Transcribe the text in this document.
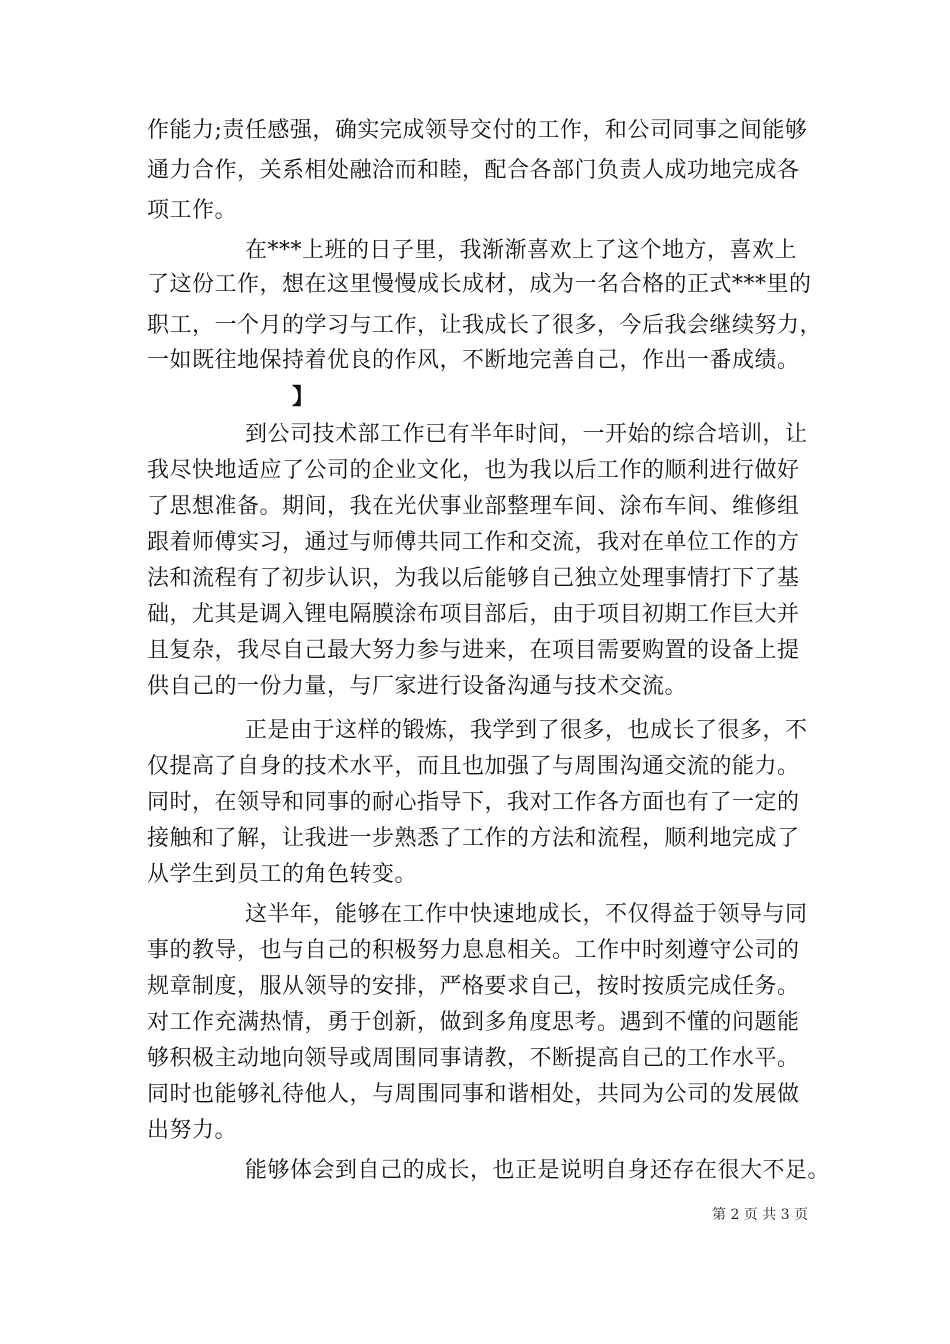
作能力;责任感强，确实完成领导交付的工作，和公司同事之间能够
通力合作，关系相处融洽而和睦，配合各部门负责人成功地完成各
项工作。
在***上班的日子里，我渐渐喜欢上了这个地方，喜欢上
了这份工作，想在这里慢慢成长成材，成为一名合格的正式***里的
职工，一个月的学习与工作，让我成长了很多，今后我会继续努力，
一如既往地保持着优良的作风，不断地完善自己，作出一番成绩。
】
到公司技术部工作已有半年时间，一开始的综合培训，让
我尽快地适应了公司的企业文化，也为我以后工作的顺利进行做好
了思想准备。期间，我在光伏事业部整理车间、涂布车间、维修组
跟着师傅实习，通过与师傅共同工作和交流，我对在单位工作的方
法和流程有了初步认识，为我以后能够自己独立处理事情打下了基
础，尤其是调入锂电隔膜涂布项目部后，由于项目初期工作巨大并
且复杂，我尽自己最大努力参与进来，在项目需要购置的设备上提
供自己的一份力量，与厂家进行设备沟通与技术交流。
正是由于这样的锻炼，我学到了很多，也成长了很多，不
仅提高了自身的技术水平，而且也加强了与周围沟通交流的能力。
同时，在领导和同事的耐心指导下，我对工作各方面也有了一定的
接触和了解，让我进一步熟悉了工作的方法和流程，顺利地完成了
从学生到员工的角色转变。
这半年，能够在工作中快速地成长，不仅得益于领导与同
事的教导，也与自己的积极努力息息相关。工作中时刻遵守公司的
规章制度，服从领导的安排，严格要求自己，按时按质完成任务。
对工作充满热情，勇于创新，做到多角度思考。遇到不懂的问题能
够积极主动地向领导或周围同事请教，不断提高自己的工作水平。
同时也能够礼待他人，与周围同事和谐相处，共同为公司的发展做
出努力。
能够体会到自己的成长，也正是说明自身还存在很大不足。
第 2 页 共 3 页
